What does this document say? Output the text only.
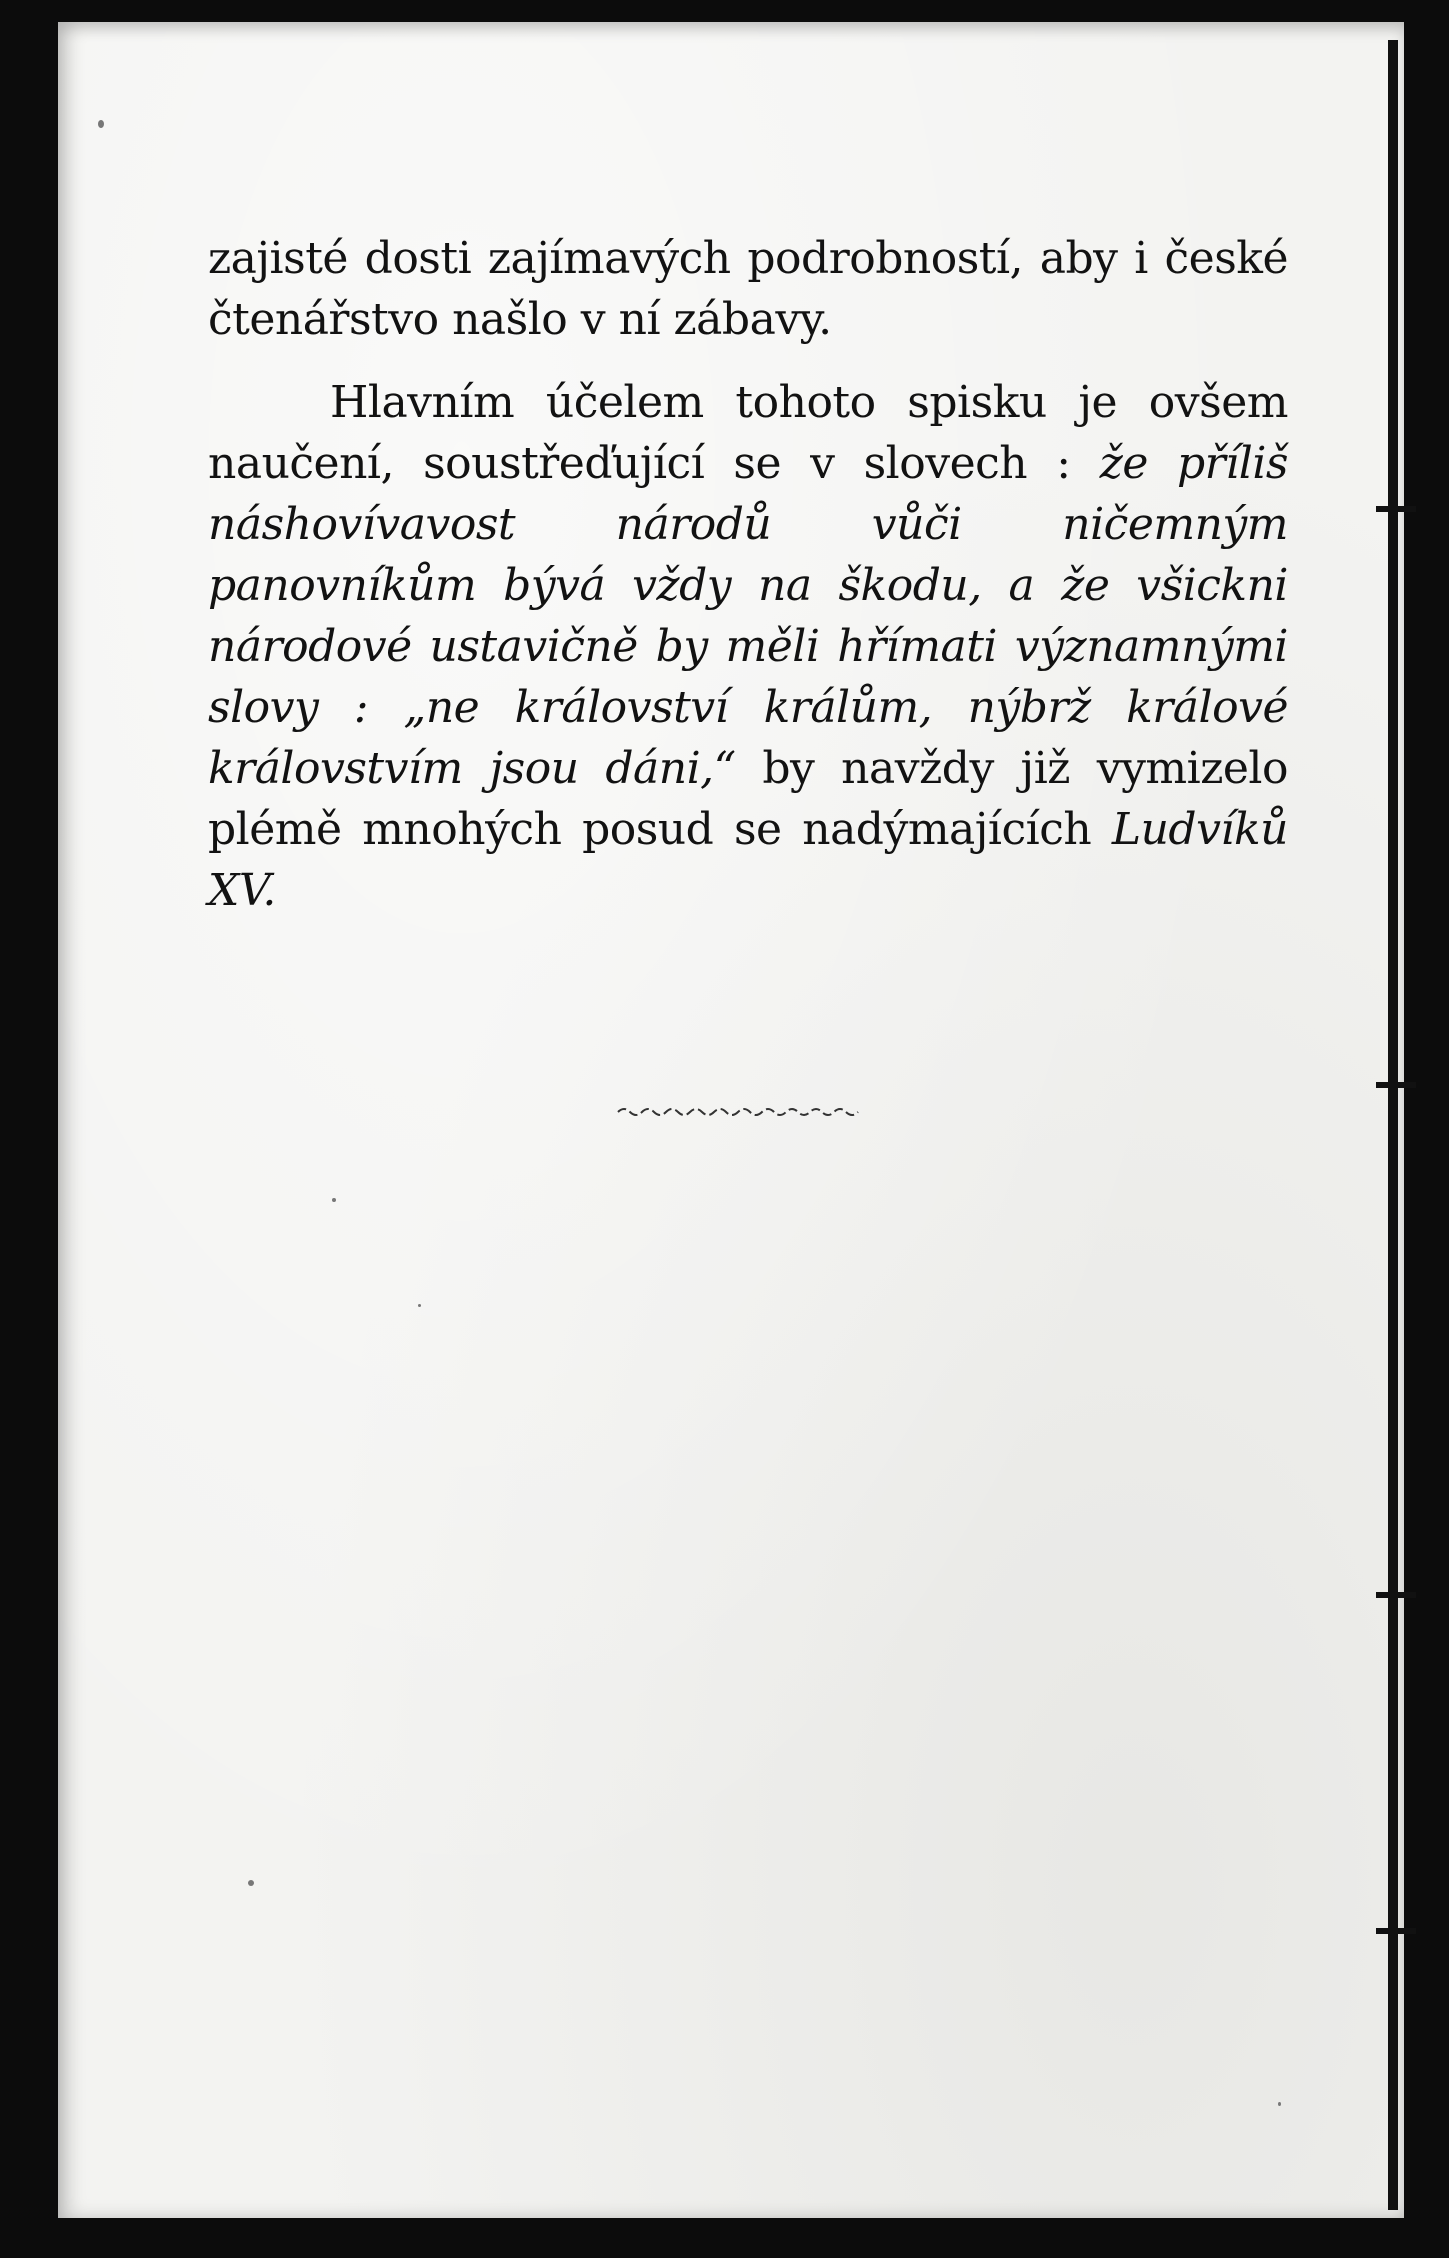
zajisté dosti zajímavých podrobností, aby i české čtenářstvo našlo v ní zábavy.

Hlavním účelem tohoto spisku je ovšem naučení, soustřeďující se v slovech : že příliš náshovívavost národů vůči ničemným panovníkům bývá vždy na škodu, a že všickni národové ustavičně by měli hřímati významnými slovy : „ne království králům, nýbrž králové královstvím jsou dáni,“ by navždy již vymizelo plémě mnohých posud se nadýmajících Ludvíků XV.
